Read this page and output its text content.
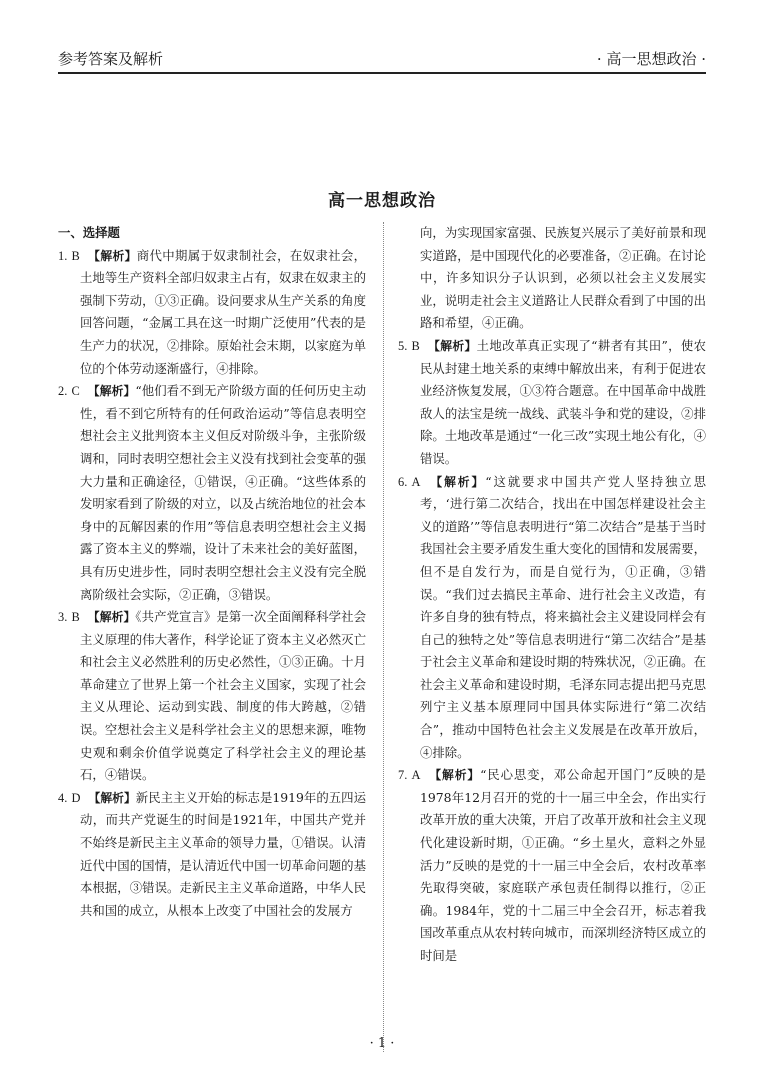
参考答案及解析	· 高一思想政治 ·
高一思想政治
一、选择题

1.  B 【解析】商代中期属于奴隶制社会，在奴隶社会，土地等生产资料全部归奴隶主占有，奴隶在奴隶主的强制下劳动，①③正确。设问要求从生产关系的角度回答问题，“金属工具在这一时期广泛使用”代表的是生产力的状况，②排除。原始社会末期，以家庭为单位的个体劳动逐渐盛行，④排除。

2.  C 【解析】“他们看不到无产阶级方面的任何历史主动性，看不到它所特有的任何政治运动”等信息表明空想社会主义批判资本主义但反对阶级斗争，主张阶级调和，同时表明空想社会主义没有找到社会变革的强大力量和正确途径，①错误，④正确。“这些体系的发明家看到了阶级的对立，以及占统治地位的社会本身中的瓦解因素的作用”等信息表明空想社会主义揭露了资本主义的弊端，设计了未来社会的美好蓝图，具有历史进步性，同时表明空想社会主义没有完全脱离阶级社会实际，②正确，③错误。

3.  B 【解析】《共产党宣言》是第一次全面阐释科学社会主义原理的伟大著作，科学论证了资本主义必然灭亡和社会主义必然胜利的历史必然性，①③正确。十月革命建立了世界上第一个社会主义国家，实现了社会主义从理论、运动到实践、制度的伟大跨越，②错误。空想社会主义是科学社会主义的思想来源，唯物史观和剩余价值学说奠定了科学社会主义的理论基石，④错误。

4.  D 【解析】新民主主义开始的标志是1919年的五四运动，而共产党诞生的时间是1921年，中国共产党并不始终是新民主主义革命的领导力量，①错误。认清近代中国的国情，是认清近代中国一切革命问题的基本根据，③错误。走新民主主义革命道路，中华人民共和国的成立，从根本上改变了中国社会的发展方

向，为实现国家富强、民族复兴展示了美好前景和现实道路，是中国现代化的必要准备，②正确。在讨论中，许多知识分子认识到，必须以社会主义发展实业，说明走社会主义道路让人民群众看到了中国的出路和希望，④正确。

5.  B 【解析】土地改革真正实现了“耕者有其田”，使农民从封建土地关系的束缚中解放出来，有利于促进农业经济恢复发展，①③符合题意。在中国革命中战胜敌人的法宝是统一战线、武装斗争和党的建设，②排除。土地改革是通过“一化三改”实现土地公有化，④错误。

6.  A 【解析】“这就要求中国共产党人坚持独立思考，‘进行第二次结合，找出在中国怎样建设社会主义的道路’”等信息表明进行“第二次结合”是基于当时我国社会主要矛盾发生重大变化的国情和发展需要，但不是自发行为，而是自觉行为，①正确，③错误。“我们过去搞民主革命、进行社会主义改造，有许多自身的独有特点，将来搞社会主义建设同样会有自己的独特之处”等信息表明进行“第二次结合”是基于社会主义革命和建设时期的特殊状况，②正确。在社会主义革命和建设时期，毛泽东同志提出把马克思列宁主义基本原理同中国具体实际进行“第二次结合”，推动中国特色社会主义发展是在改革开放后，④排除。

7.  A 【解析】“民心思变，邓公命起开国门”反映的是1978年12月召开的党的十一届三中全会，作出实行改革开放的重大决策，开启了改革开放和社会主义现代化建设新时期，①正确。“乡土星火，意料之外显活力”反映的是党的十一届三中全会后，农村改革率先取得突破，家庭联产承包责任制得以推行，②正确。1984年，党的十二届三中全会召开，标志着我国改革重点从农村转向城市，而深圳经济特区成立的时间是

· 1 ·
